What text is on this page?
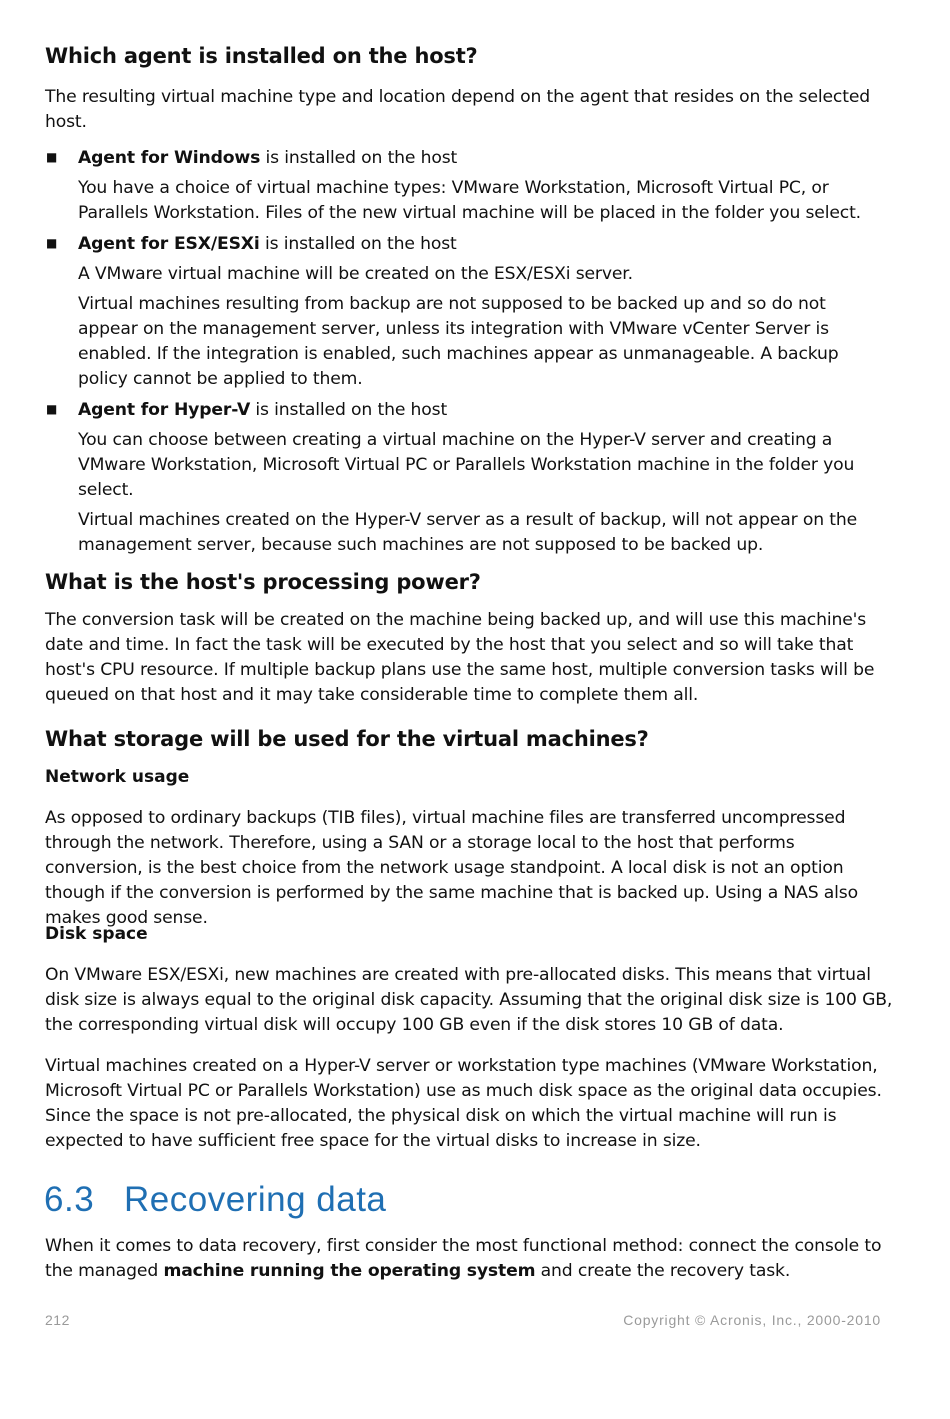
Which agent is installed on the host?

The resulting virtual machine type and location depend on the agent that resides on the selected host.

■ Agent for Windows is installed on the host

You have a choice of virtual machine types: VMware Workstation, Microsoft Virtual PC, or Parallels Workstation. Files of the new virtual machine will be placed in the folder you select.

■ Agent for ESX/ESXi is installed on the host

A VMware virtual machine will be created on the ESX/ESXi server.

Virtual machines resulting from backup are not supposed to be backed up and so do not appear on the management server, unless its integration with VMware vCenter Server is enabled. If the integration is enabled, such machines appear as unmanageable. A backup policy cannot be applied to them.

■ Agent for Hyper-V is installed on the host

You can choose between creating a virtual machine on the Hyper-V server and creating a VMware Workstation, Microsoft Virtual PC or Parallels Workstation machine in the folder you select.

Virtual machines created on the Hyper-V server as a result of backup, will not appear on the management server, because such machines are not supposed to be backed up.

What is the host's processing power?

The conversion task will be created on the machine being backed up, and will use this machine's date and time. In fact the task will be executed by the host that you select and so will take that host's CPU resource. If multiple backup plans use the same host, multiple conversion tasks will be queued on that host and it may take considerable time to complete them all.

What storage will be used for the virtual machines?
Network usage

As opposed to ordinary backups (TIB files), virtual machine files are transferred uncompressed through the network. Therefore, using a SAN or a storage local to the host that performs conversion, is the best choice from the network usage standpoint. A local disk is not an option though if the conversion is performed by the same machine that is backed up. Using a NAS also makes good sense.

Disk space

On VMware ESX/ESXi, new machines are created with pre-allocated disks. This means that virtual disk size is always equal to the original disk capacity. Assuming that the original disk size is 100 GB, the corresponding virtual disk will occupy 100 GB even if the disk stores 10 GB of data.

Virtual machines created on a Hyper-V server or workstation type machines (VMware Workstation, Microsoft Virtual PC or Parallels Workstation) use as much disk space as the original data occupies. Since the space is not pre-allocated, the physical disk on which the virtual machine will run is expected to have sufficient free space for the virtual disks to increase in size.

6.3 Recovering data

When it comes to data recovery, first consider the most functional method: connect the console to the managed machine running the operating system and create the recovery task.

212	Copyright © Acronis, Inc., 2000-2010
